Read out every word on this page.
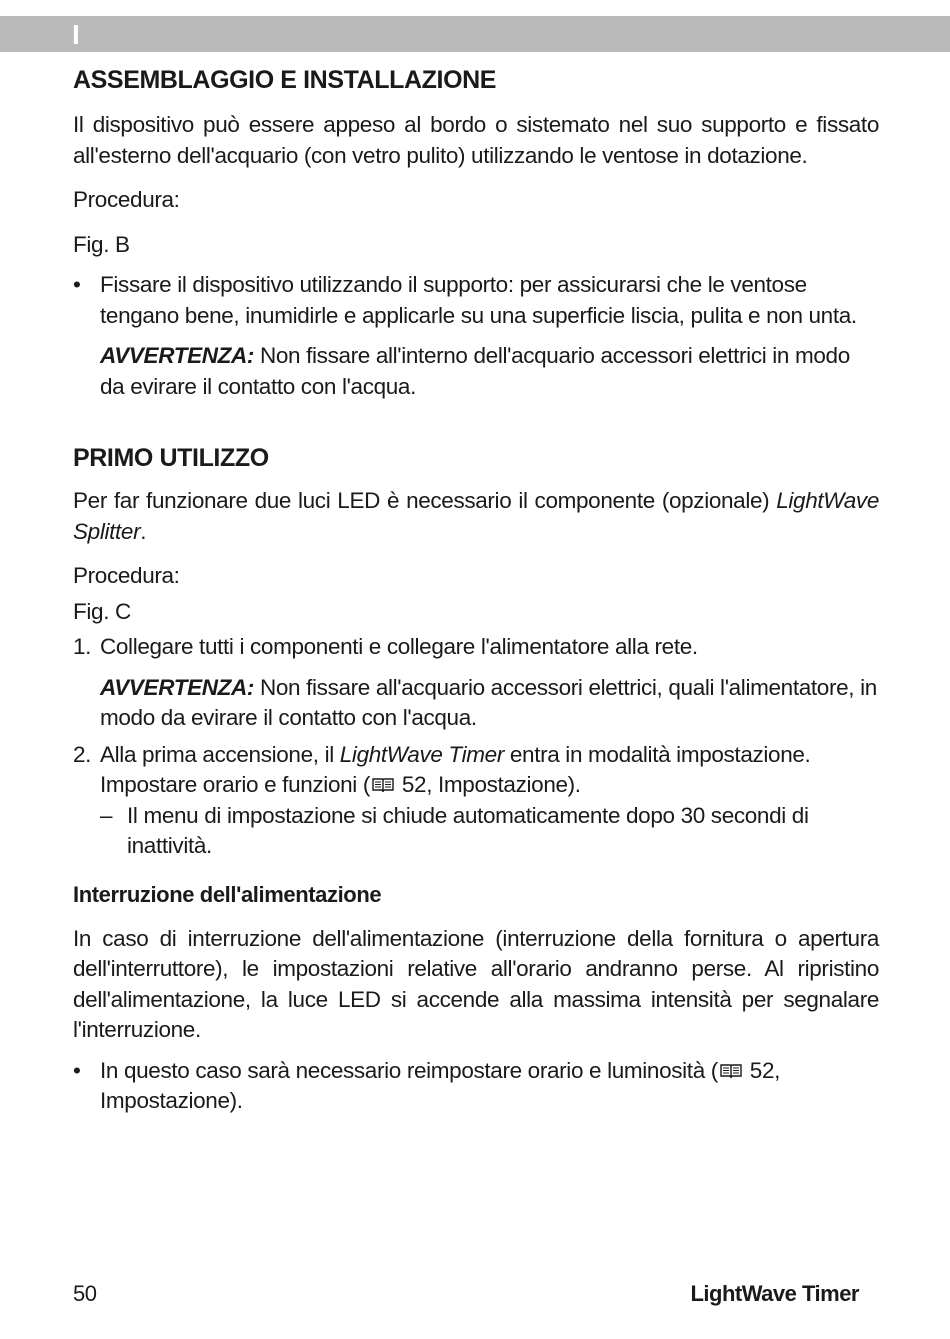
I
ASSEMBLAGGIO E INSTALLAZIONE

Il dispositivo può essere appeso al bordo o sistemato nel suo supporto e fissato all'esterno dell'acquario (con vetro pulito) utilizzando le ventose in dotazione.

Procedura:

Fig. B

• Fissare il dispositivo utilizzando il supporto: per assicurarsi che le ventose tengano bene, inumidirle e applicarle su una superficie liscia, pulita e non unta.
AVVERTENZA: Non fissare all'interno dell'acquario accessori elettrici in modo da evirare il contatto con l'acqua.
PRIMO UTILIZZO

Per far funzionare due luci LED è necessario il componente (opzionale) LightWave Splitter.

Procedura:

Fig. C

1. Collegare tutti i componenti e collegare l'alimentatore alla rete.
AVVERTENZA: Non fissare all'acquario accessori elettrici, quali l'alimentatore, in modo da evirare il contatto con l'acqua.
2. Alla prima accensione, il LightWave Timer entra in modalità impostazione. Impostare orario e funzioni ( 52, Impostazione).
– Il menu di impostazione si chiude automaticamente dopo 30 secondi di inattività.
Interruzione dell'alimentazione

In caso di interruzione dell'alimentazione (interruzione della fornitura o apertura dell'interruttore), le impostazioni relative all'orario andranno perse. Al ripristino dell'alimentazione, la luce LED si accende alla massima intensità per segnalare l'interruzione.

• In questo caso sarà necessario reimpostare orario e luminosità ( 52, Impostazione).
50	LightWave Timer
